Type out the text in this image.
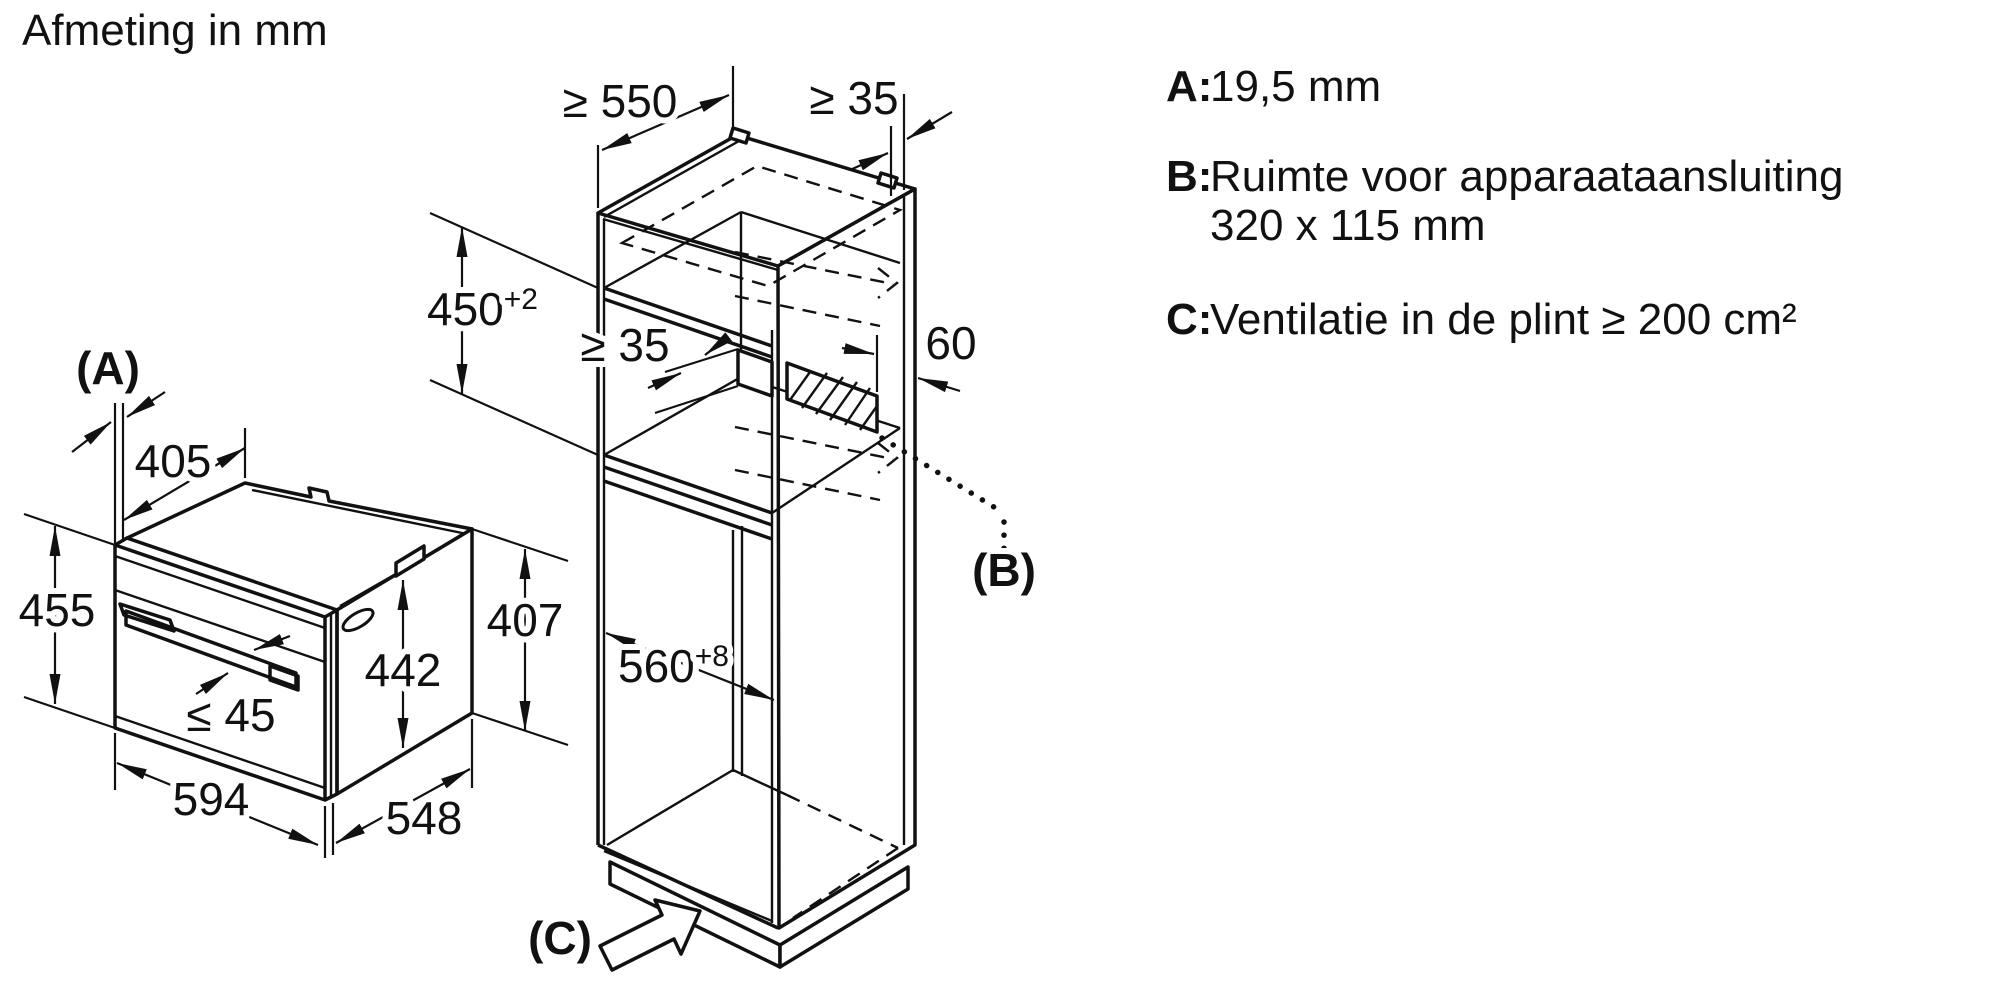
Afmeting in mm
(A)
405
455
442
407
≤ 45
594	548
≥ 550	≥ 35
$450^{+2}$
≥ 35	60
(B)
$560^{+8}$
(C)
A:
19,5 mm
B:
Ruimte voor apparaataansluiting
320 x 115 mm
C:
Ventilatie in de plint ≥ 200 cm²
